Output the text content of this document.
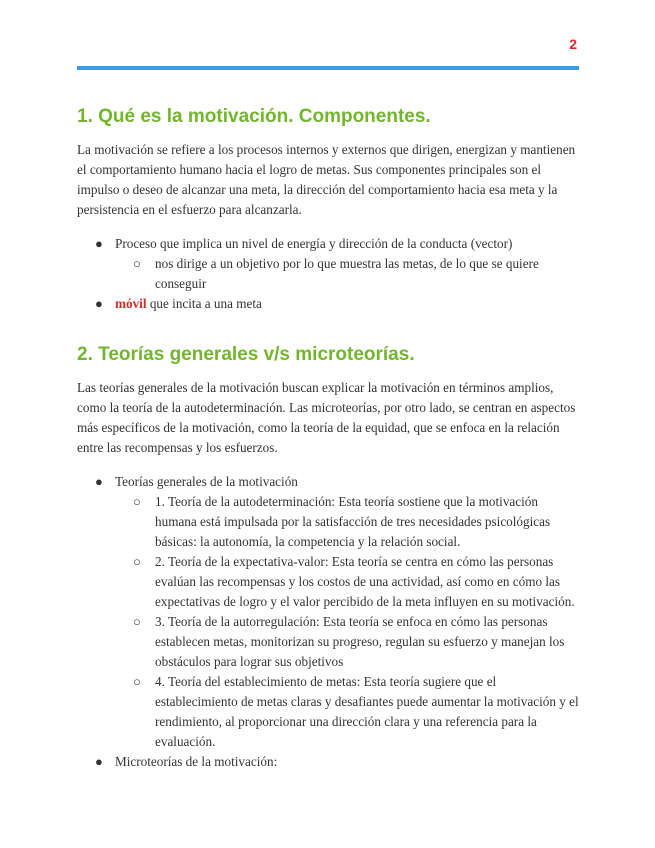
2
1. Qué es la motivación. Componentes.

La motivación se refiere a los procesos internos y externos que dirigen, energizan y mantienen el comportamiento humano hacia el logro de metas. Sus componentes principales son el impulso o deseo de alcanzar una meta, la dirección del comportamiento hacia esa meta y la persistencia en el esfuerzo para alcanzarla.

● Proceso que implica un nivel de energía y dirección de la conducta (vector)
○ nos dirige a un objetivo por lo que muestra las metas, de lo que se quiere conseguir
● móvil que incita a una meta
2. Teorías generales v/s microteorías.

Las teorías generales de la motivación buscan explicar la motivación en términos amplios, como la teoría de la autodeterminación. Las microteorías, por otro lado, se centran en aspectos más específicos de la motivación, como la teoría de la equidad, que se enfoca en la relación entre las recompensas y los esfuerzos.

● Teorías generales de la motivación
○ 1. Teoría de la autodeterminación: Esta teoría sostiene que la motivación humana está impulsada por la satisfacción de tres necesidades psicológicas básicas: la autonomía, la competencia y la relación social.
○ 2. Teoría de la expectativa-valor: Esta teoría se centra en cómo las personas evalúan las recompensas y los costos de una actividad, así como en cómo las expectativas de logro y el valor percibido de la meta influyen en su motivación.
○ 3. Teoría de la autorregulación: Esta teoría se enfoca en cómo las personas establecen metas, monitorizan su progreso, regulan su esfuerzo y manejan los obstáculos para lograr sus objetivos
○ 4. Teoría del establecimiento de metas: Esta teoría sugiere que el establecimiento de metas claras y desafiantes puede aumentar la motivación y el rendimiento, al proporcionar una dirección clara y una referencia para la evaluación.
● Microteorías de la motivación:
